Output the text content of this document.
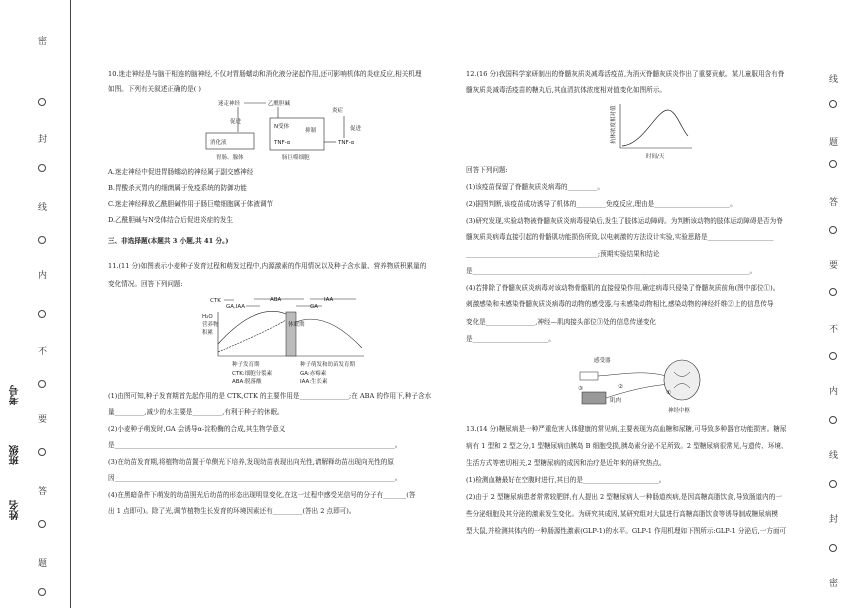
密
封
线
内
不
要
答
题
姓名
班级
考号
10.迷走神经是与脑干相连的脑神经,不仅对胃肠蠕动和消化液分泌起作用,还可影响机体的炎症反应,相关机理
如图。下列有关叙述正确的是( )
迷走神经	乙酰胆碱
炎症
促进
消化液
N受体
抑制
TNF-α	TNF-α
促进
胃肠、腺体	肠巨噬细胞
A.迷走神经中促进胃肠蠕动的神经属于副交感神经
B.胃酸杀灭胃内的细菌属于免疫系统的防御功能
C.迷走神经释放乙酰胆碱作用于肠巨噬细胞属于体液调节
D.乙酰胆碱与N受体结合后促进炎症的发生
三、非选择题(本题共 3 小题,共 41 分。)
11.(11 分)如图表示小麦种子发育过程和萌发过程中,内源激素的作用情况以及种子含水量、营养物质积累量的
变化情况。回答下列问题:
CTK
GA,IAA
ABA
GA
IAA
H₂O
营养物
积累
休眠期
种子发育期	种子萌发和幼苗发育期
CTK:细胞分裂素	GA:赤霉素
ABA:脱落酸	IAA:生长素
(1)由图可知,种子发育期首先起作用的是 CTK,CTK 的主要作用是_______________;在 ABA 的作用下,种子含水
量_________,减少的水主要是_________,有利于种子的休眠。
(2)小麦种子萌发时,GA 会诱导α-淀粉酶的合成,其生物学意义
是_____________________________________________________________________________________。
(3)在幼苗发育期,将植物幼苗置于单侧光下培养,发现幼苗表现出向光性,请解释幼苗出现向光性的原
因_____________________________________________________________________________________。
(4)在黑暗条件下萌发的幼苗照光后幼苗的形态出现明显变化,在这一过程中感受光信号的分子有_______(答
出 1 点即可)。除了光,调节植物生长发育的环境因素还有_________(答出 2 点即可)。
12.(16 分)我国科学家研制出的脊髓灰质炎减毒活疫苗,为消灭脊髓灰质炎作出了重要贡献。某儿童服用含有脊
髓灰质炎减毒活疫苗的糖丸后,其血清抗体浓度相对值变化如图所示。
抗体浓度相对值
时间/天
回答下列问题:
(1)该疫苗保留了脊髓灰质炎病毒的_________。
(2)据图判断,该疫苗成功诱导了机体的_________免疫反应,理由是_______________________。
(3)研究发现,实验动物被脊髓灰质炎病毒侵染后,发生了肢体运动障碍。为判断该动物的肢体运动障碍是否为脊
髓灰质炎病毒直接引起的骨骼肌功能损伤所致,以电刺激的方法设计实验,实验思路是____________________
________________________________________;预期实验结果和结论
是____________________________________________________________________________________。
(4)若排除了脊髓灰质炎病毒对该动物骨骼肌的直接侵染作用,确定病毒只侵染了脊髓灰质前角(图中部位①)。
刺激感染和未感染脊髓灰质炎病毒的动物的感受器,与未感染动物相比,感染动物的神经纤维②上的信息传导
变化是_______________,神经—肌肉接头部位③处的信息传递变化
是_______________________。
感受器
③
肌肉
②
①
神经中枢
13.(14 分)糖尿病是一种严重危害人体健康的常见病,主要表现为高血糖和尿糖,可导致多种器官功能损害。糖尿
病有 1 型和 2 型之分,1 型糖尿病由胰岛 B 细胞受损,胰岛素分泌不足所致。2 型糖尿病很常见,与遗传、环境、
生活方式等密切相关,2 型糖尿病的成因和治疗是近年来的研究热点。
(1)检测血糖最好在空腹时进行,其目的是_______________________。
(2)由于 2 型糖尿病患者常常较肥胖,有人提出 2 型糖尿病人一种肠道疾病,是因高糖高脂饮食,导致肠道内的一
些分泌细胞及其分泌的激素发生变化。为研究其成因,某研究组对大鼠进行高糖高脂饮食等诱导制成糖尿病模
型大鼠,并检测其体内的一种肠源性激素(GLP-1)的水平。GLP-1 作用机理如下图所示:GLP-1 分泌后,一方面可
线
题
答
要
不
内
线
封
密
